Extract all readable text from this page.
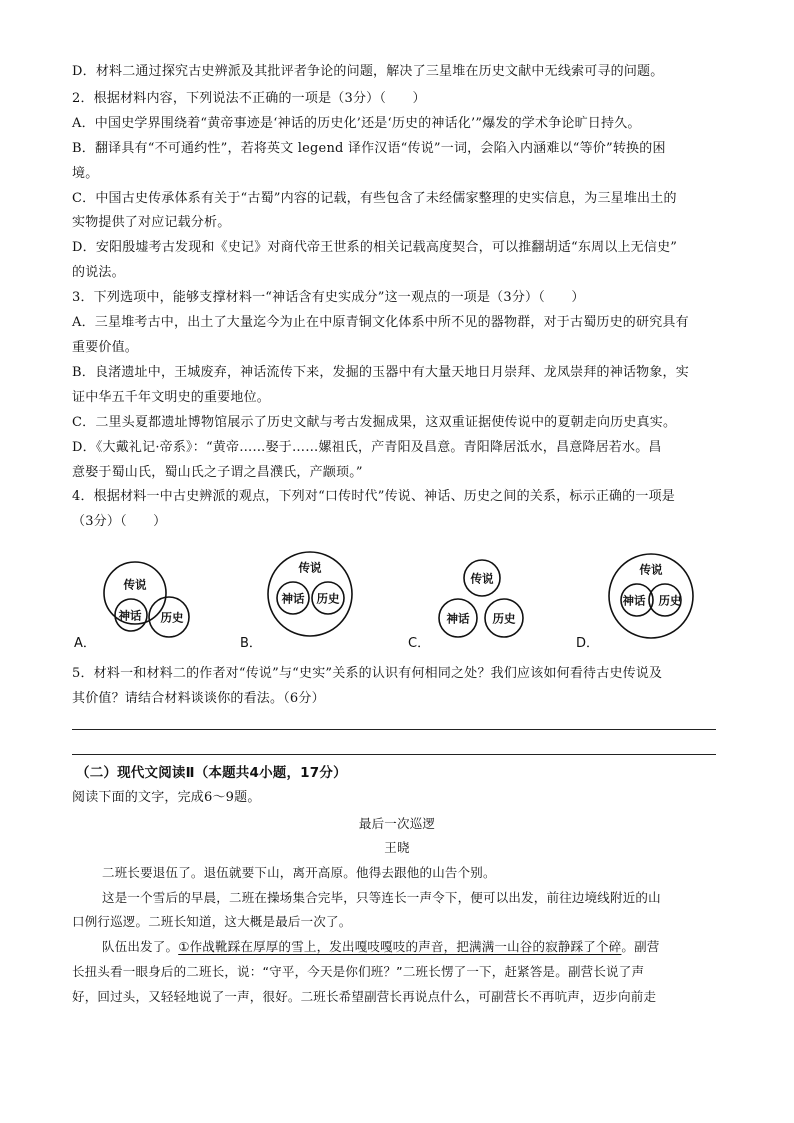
D．材料二通过探究古史辨派及其批评者争论的问题，解决了三星堆在历史文献中无线索可寻的问题。
2．根据材料内容，下列说法不正确的一项是（3分）（　　）
A．中国史学界围绕着“黄帝事迹是‘神话的历史化’还是‘历史的神话化’”爆发的学术争论旷日持久。
B．翻译具有“不可通约性”，若将英文 legend 译作汉语“传说”一词，会陷入内涵难以“等价”转换的困
境。
C．中国古史传承体系有关于“古蜀”内容的记载，有些包含了未经儒家整理的史实信息，为三星堆出土的
实物提供了对应记载分析。
D．安阳殷墟考古发现和《史记》对商代帝王世系的相关记载高度契合，可以推翻胡适“东周以上无信史”
的说法。
3．下列选项中，能够支撑材料一“神话含有史实成分”这一观点的一项是（3分）（　　）
A．三星堆考古中，出土了大量迄今为止在中原青铜文化体系中所不见的器物群，对于古蜀历史的研究具有
重要价值。
B．良渚遗址中，王城废弃，神话流传下来，发掘的玉器中有大量天地日月崇拜、龙凤崇拜的神话物象，实
证中华五千年文明史的重要地位。
C．二里头夏都遗址博物馆展示了历史文献与考古发掘成果，这双重证据使传说中的夏朝走向历史真实。
D．《大戴礼记·帝系》：“黄帝……娶于……嫘祖氏，产青阳及昌意。青阳降居泜水，昌意降居若水。昌
意娶于蜀山氏，蜀山氏之子谓之昌濮氏，产颛顼。”
4．根据材料一中古史辨派的观点，下列对“口传时代”传说、神话、历史之间的关系，标示正确的一项是
（3分）（　　）
传说
神话 历史
A．
传说
神话 历史
B．
传说
神话 历史
C．
传说
神话 历史
D．
5．材料一和材料二的作者对“传说”与“史实”关系的认识有何相同之处？我们应该如何看待古史传说及
其价值？请结合材料谈谈你的看法。（6分）
（二）现代文阅读Ⅱ（本题共4小题，17分）
阅读下面的文字，完成6～9题。
最后一次巡逻
王晓
二班长要退伍了。退伍就要下山，离开高原。他得去跟他的山告个别。
这是一个雪后的早晨，二班在操场集合完毕，只等连长一声令下，便可以出发，前往边境线附近的山
口例行巡逻。二班长知道，这大概是最后一次了。
队伍出发了。①作战靴踩在厚厚的雪上，发出嘎吱嘎吱的声音，把满满一山谷的寂静踩了个碎。副营
长扭头看一眼身后的二班长，说：“守平，今天是你们班？”二班长愣了一下，赶紧答是。副营长说了声
好，回过头，又轻轻地说了一声，很好。二班长希望副营长再说点什么，可副营长不再吭声，迈步向前走
